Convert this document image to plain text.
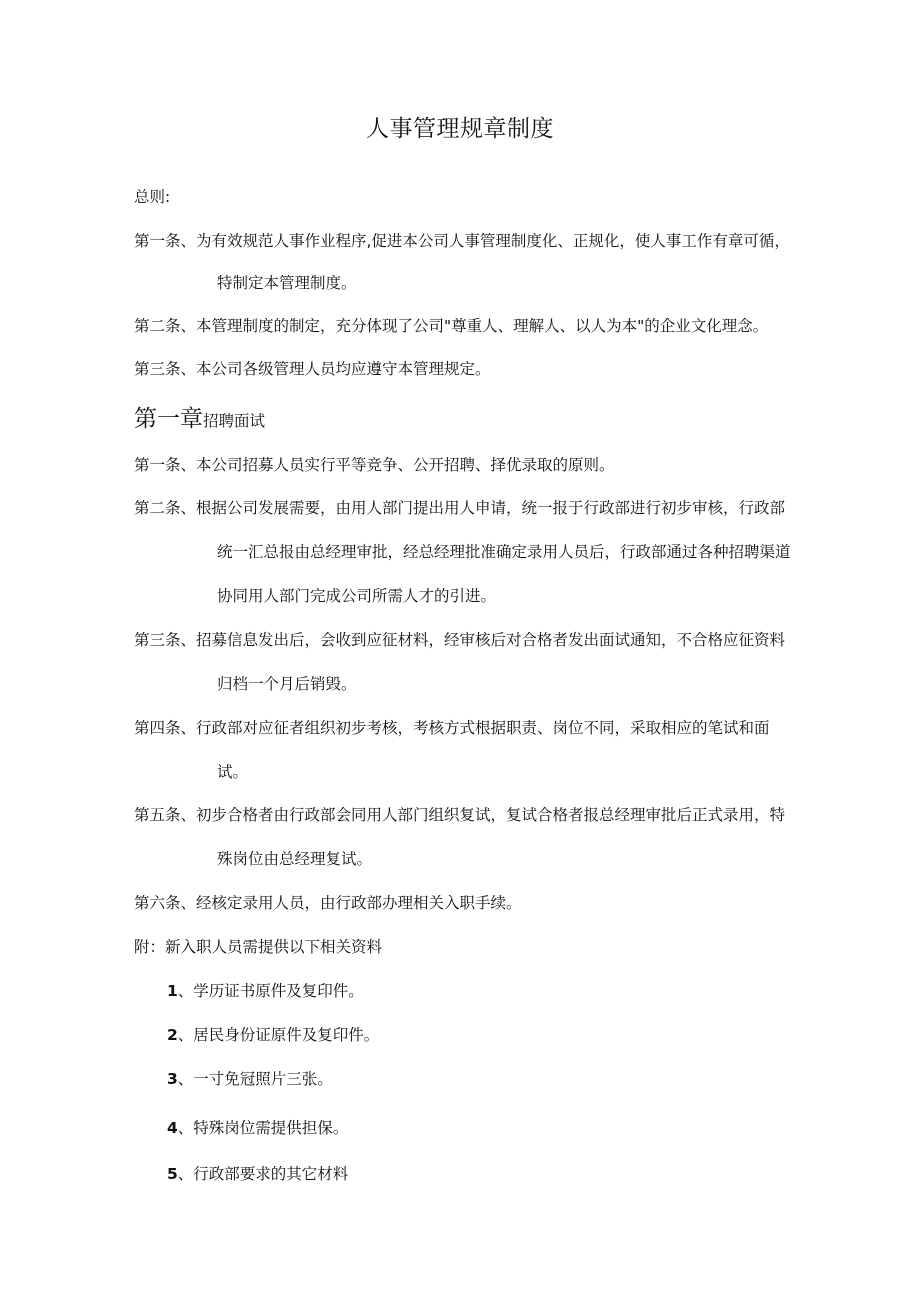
人事管理规章制度
总则:
第一条、为有效规范人事作业程序,促进本公司人事管理制度化、正规化，使人事工作有章可循，
特制定本管理制度。
第二条、本管理制度的制定，充分体现了公司"尊重人、理解人、以人为本"的企业文化理念。
第三条、本公司各级管理人员均应遵守本管理规定。
第一章招聘面试
第一条、本公司招募人员实行平等竞争、公开招聘、择优录取的原则。
第二条、根据公司发展需要，由用人部门提出用人申请，统一报于行政部进行初步审核，行政部
统一汇总报由总经理审批，经总经理批准确定录用人员后，行政部通过各种招聘渠道
协同用人部门完成公司所需人才的引进。
第三条、招募信息发出后，会收到应征材料，经审核后对合格者发出面试通知，不合格应征资料
归档一个月后销毁。
第四条、行政部对应征者组织初步考核，考核方式根据职责、岗位不同，采取相应的笔试和面
试。
第五条、初步合格者由行政部会同用人部门组织复试，复试合格者报总经理审批后正式录用，特
殊岗位由总经理复试。
第六条、经核定录用人员，由行政部办理相关入职手续。
附：新入职人员需提供以下相关资料
1、学历证书原件及复印件。
2、居民身份证原件及复印件。
3、一寸免冠照片三张。
4、特殊岗位需提供担保。
5、行政部要求的其它材料
